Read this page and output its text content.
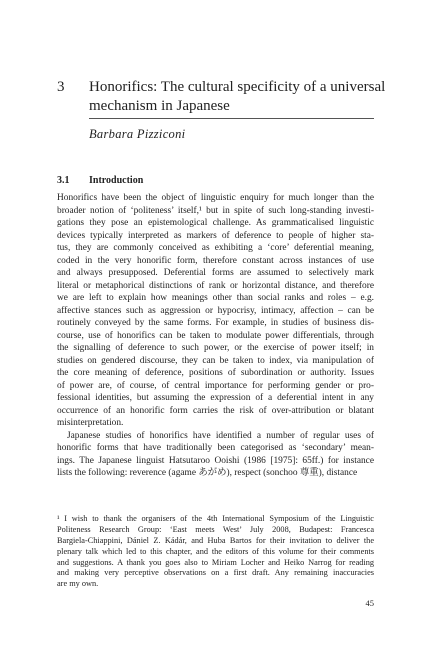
3 Honorifics: The cultural specificity of a universal
mechanism in Japanese
Barbara Pizziconi
3.1 Introduction
Honorifics have been the object of linguistic enquiry for much longer than the
broader notion of ‘politeness’ itself,¹ but in spite of such long-standing investi-
gations they pose an epistemological challenge. As grammaticalised linguistic
devices typically interpreted as markers of deference to people of higher sta-
tus, they are commonly conceived as exhibiting a ‘core’ deferential meaning,
coded in the very honorific form, therefore constant across instances of use
and always presupposed. Deferential forms are assumed to selectively mark
literal or metaphorical distinctions of rank or horizontal distance, and therefore
we are left to explain how meanings other than social ranks and roles – e.g.
affective stances such as aggression or hypocrisy, intimacy, affection – can be
routinely conveyed by the same forms. For example, in studies of business dis-
course, use of honorifics can be taken to modulate power differentials, through
the signalling of deference to such power, or the exercise of power itself; in
studies on gendered discourse, they can be taken to index, via manipulation of
the core meaning of deference, positions of subordination or authority. Issues
of power are, of course, of central importance for performing gender or pro-
fessional identities, but assuming the expression of a deferential intent in any
occurrence of an honorific form carries the risk of over-attribution or blatant
misinterpretation.
Japanese studies of honorifics have identified a number of regular uses of
honorific forms that have traditionally been categorised as ‘secondary’ mean-
ings. The Japanese linguist Hatsutaroo Ooishi (1986 [1975]: 65ff.) for instance
lists the following: reverence (agame あがめ), respect (sonchoo 尊重), distance
¹ I wish to thank the organisers of the 4th International Symposium of the Linguistic
Politeness Research Group: ‘East meets West’ July 2008, Budapest: Francesca
Bargiela-Chiappini, Dániel Z. Kádár, and Huba Bartos for their invitation to deliver the
plenary talk which led to this chapter, and the editors of this volume for their comments
and suggestions. A thank you goes also to Miriam Locher and Heiko Narrog for reading
and making very perceptive observations on a first draft. Any remaining inaccuracies
are my own.
45
